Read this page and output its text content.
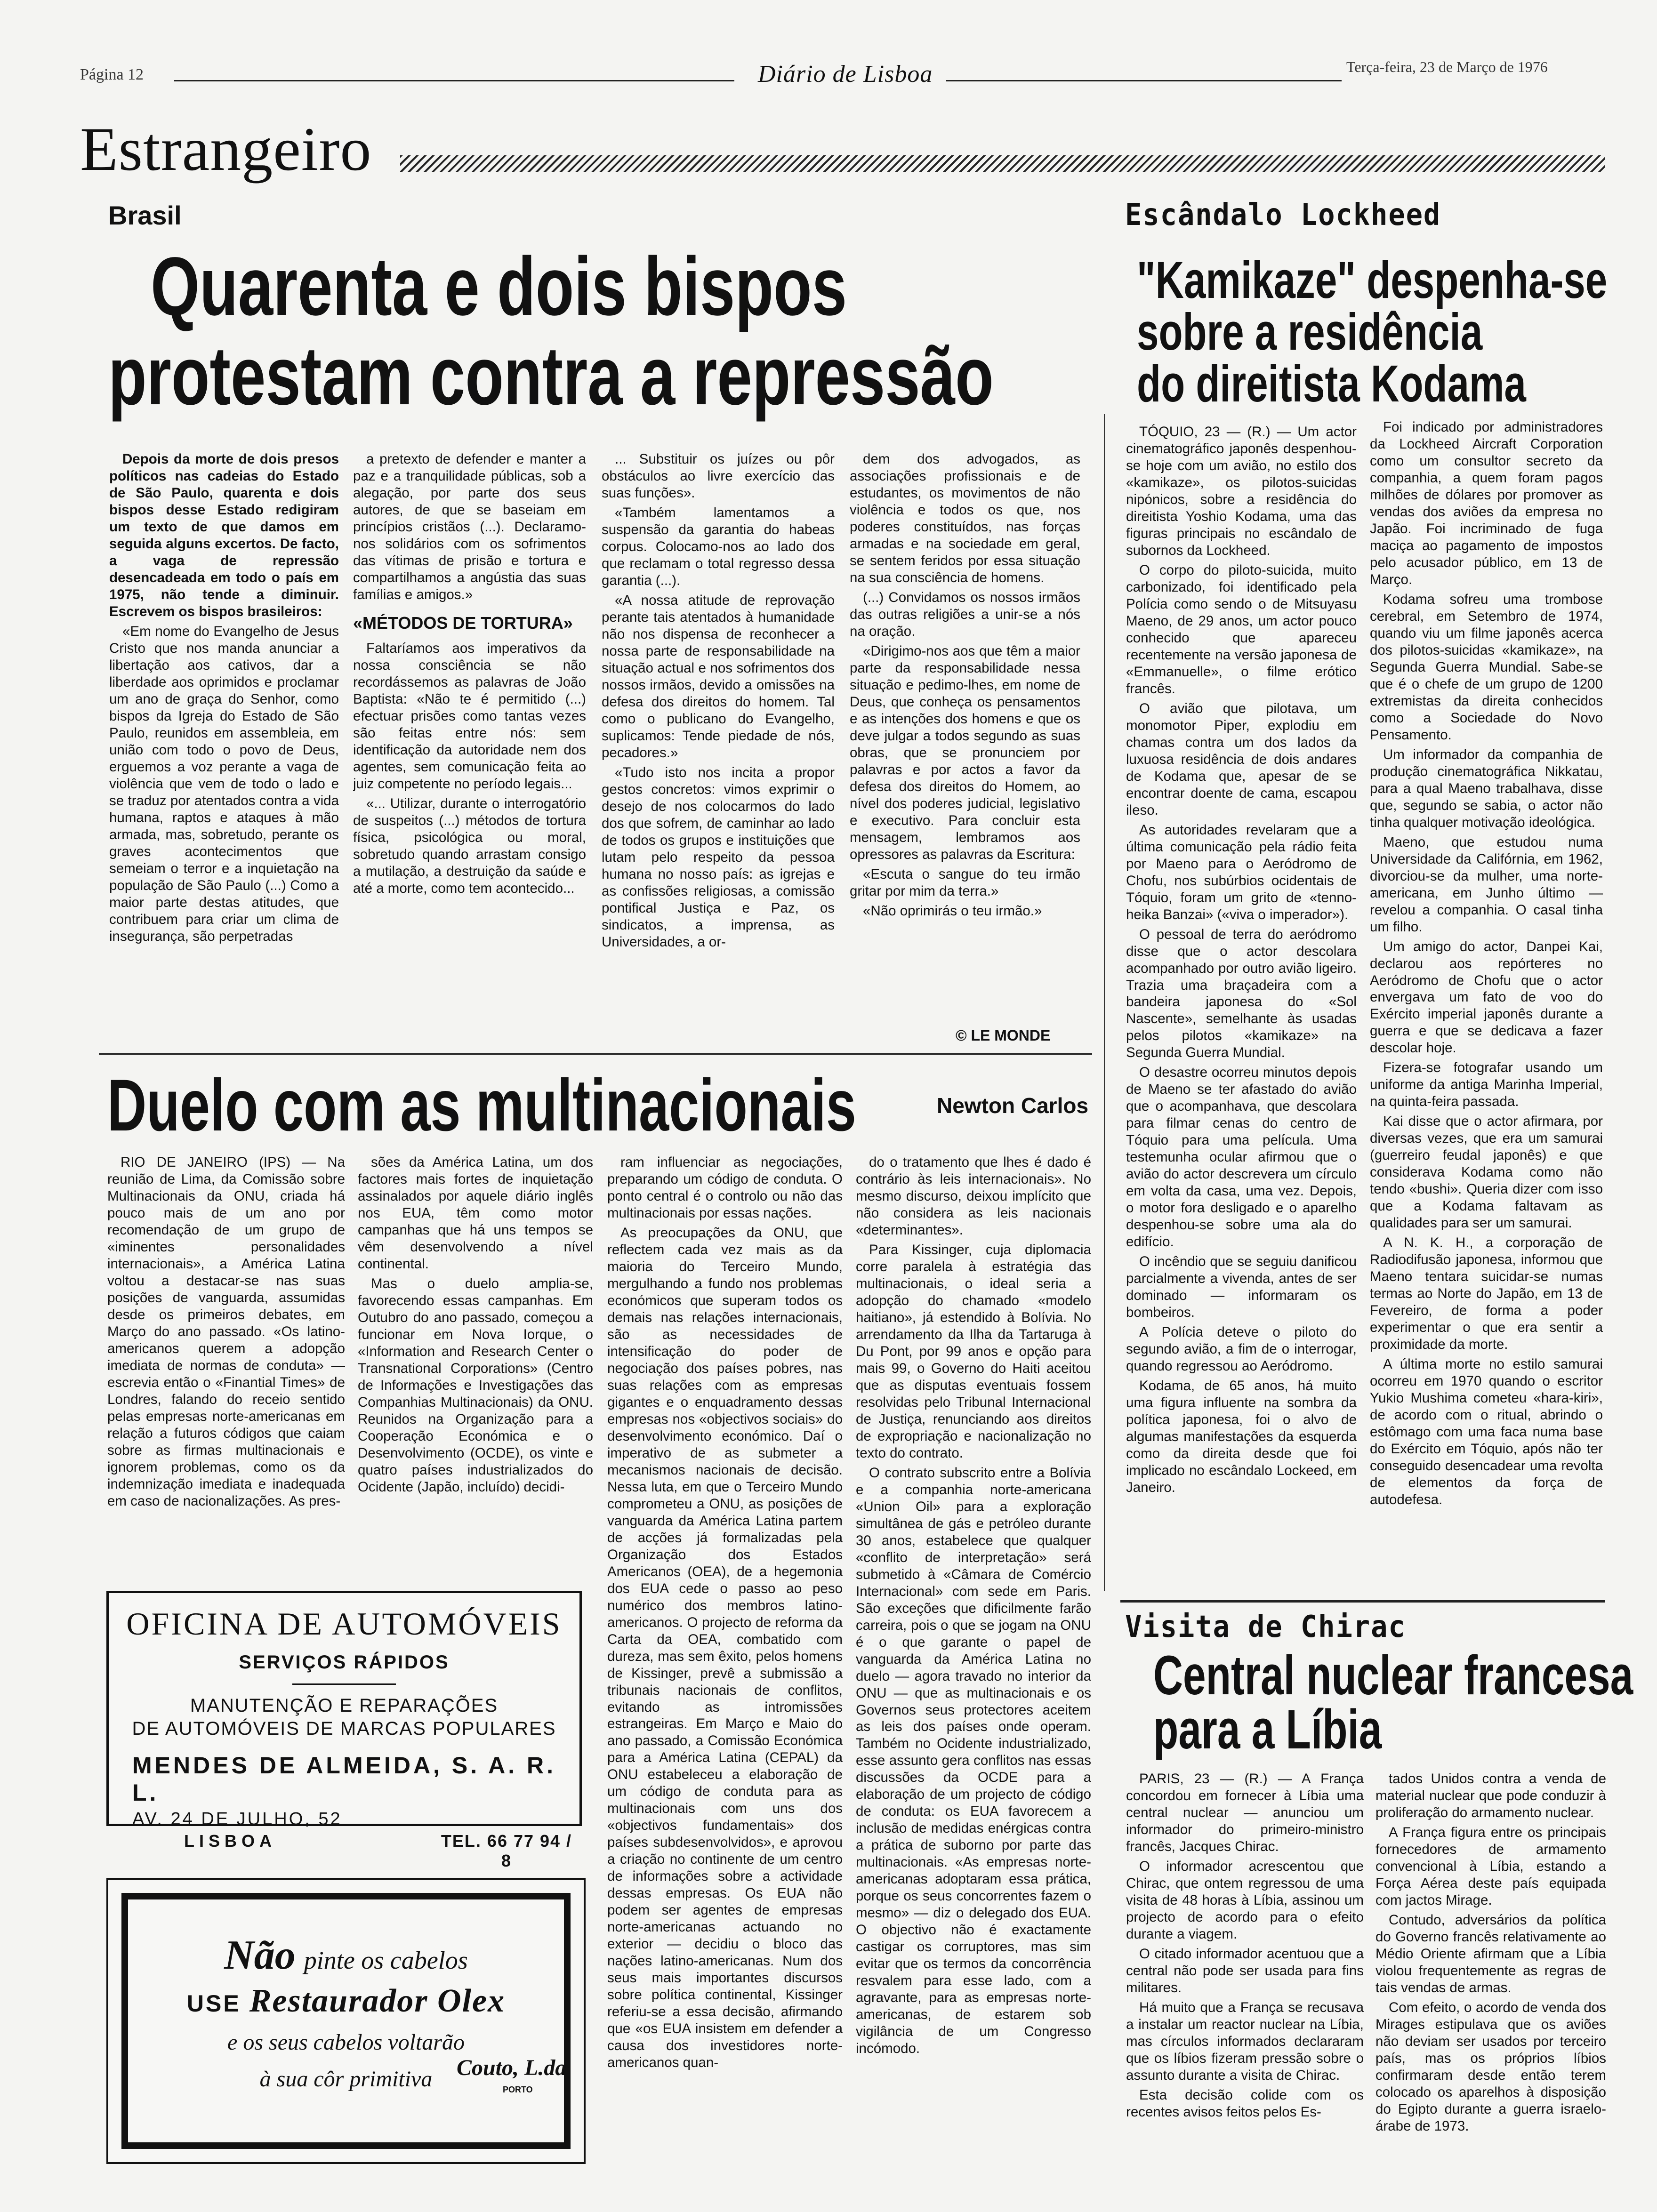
Página 12	Diário de Lisboa	Terça-feira, 23 de Março de 1976
Estrangeiro
Brasil
Quarenta e dois bispos
protestam contra a repressão

Depois da morte de dois presos políticos nas cadeias do Estado de São Paulo, quarenta e dois bispos desse Estado redigiram um texto de que damos em seguida alguns excertos. De facto, a vaga de repressão desencadeada em todo o país em 1975, não tende a diminuir. Escrevem os bispos brasileiros:

«Em nome do Evangelho de Jesus Cristo que nos manda anunciar a libertação aos cativos, dar a liberdade aos oprimidos e proclamar um ano de graça do Senhor, como bispos da Igreja do Estado de São Paulo, reunidos em assembleia, em união com todo o povo de Deus, erguemos a voz perante a vaga de violência que vem de todo o lado e se traduz por atentados contra a vida humana, raptos e ataques à mão armada, mas, sobretudo, perante os graves acontecimentos que semeiam o terror e a inquietação na população de São Paulo (...) Como a maior parte destas atitudes, que contribuem para criar um clima de insegurança, são perpetradas

a pretexto de defender e manter a paz e a tranquilidade públicas, sob a alegação, por parte dos seus autores, de que se baseiam em princípios cristãos (...). Declaramo-nos solidários com os sofrimentos das vítimas de prisão e tortura e compartilhamos a angústia das suas famílias e amigos.»

«MÉTODOS DE TORTURA»

Faltaríamos aos imperativos da nossa consciência se não recordássemos as palavras de João Baptista: «Não te é permitido (...) efectuar prisões como tantas vezes são feitas entre nós: sem identificação da autoridade nem dos agentes, sem comunicação feita ao juiz competente no período legais...

«... Utilizar, durante o interrogatório de suspeitos (...) métodos de tortura física, psicológica ou moral, sobretudo quando arrastam consigo a mutilação, a destruição da saúde e até a morte, como tem acontecido...

... Substituir os juízes ou pôr obstáculos ao livre exercício das suas funções».

«Também lamentamos a suspensão da garantia do habeas corpus. Colocamo-nos ao lado dos que reclamam o total regresso dessa garantia (...).

«A nossa atitude de reprovação perante tais atentados à humanidade não nos dispensa de reconhecer a nossa parte de responsabilidade na situação actual e nos sofrimentos dos nossos irmãos, devido a omissões na defesa dos direitos do homem. Tal como o publicano do Evangelho, suplicamos: Tende piedade de nós, pecadores.»

«Tudo isto nos incita a propor gestos concretos: vimos exprimir o desejo de nos colocarmos do lado dos que sofrem, de caminhar ao lado de todos os grupos e instituições que lutam pelo respeito da pessoa humana no nosso país: as igrejas e as confissões religiosas, a comissão pontifical Justiça e Paz, os sindicatos, a imprensa, as Universidades, a or-

dem dos advogados, as associações profissionais e de estudantes, os movimentos de não violência e todos os que, nos poderes constituídos, nas forças armadas e na sociedade em geral, se sentem feridos por essa situação na sua consciência de homens.

(...) Convidamos os nossos irmãos das outras religiões a unir-se a nós na oração.

«Dirigimo-nos aos que têm a maior parte da responsabilidade nessa situação e pedimo-lhes, em nome de Deus, que conheça os pensamentos e as intenções dos homens e que os deve julgar a todos segundo as suas obras, que se pronunciem por palavras e por actos a favor da defesa dos direitos do Homem, ao nível dos poderes judicial, legislativo e executivo. Para concluir esta mensagem, lembramos aos opressores as palavras da Escritura:

«Escuta o sangue do teu irmão gritar por mim da terra.»

«Não oprimirás o teu irmão.»

© LE MONDE
Duelo com as multinacionais	Newton Carlos

RIO DE JANEIRO (IPS) — Na reunião de Lima, da Comissão sobre Multinacionais da ONU, criada há pouco mais de um ano por recomendação de um grupo de «iminentes personalidades internacionais», a América Latina voltou a destacar-se nas suas posições de vanguarda, assumidas desde os primeiros debates, em Março do ano passado. «Os latino-americanos querem a adopção imediata de normas de conduta» — escrevia então o «Finantial Times» de Londres, falando do receio sentido pelas empresas norte-americanas em relação a futuros códigos que caiam sobre as firmas multinacionais e ignorem problemas, como os da indemnização imediata e inadequada em caso de nacionalizações. As pres-

sões da América Latina, um dos factores mais fortes de inquietação assinalados por aquele diário inglês nos EUA, têm como motor campanhas que há uns tempos se vêm desenvolvendo a nível continental.

Mas o duelo amplia-se, favorecendo essas campanhas. Em Outubro do ano passado, começou a funcionar em Nova Iorque, o «Information and Research Center o Transnational Corporations» (Centro de Informações e Investigações das Companhias Multinacionais) da ONU. Reunidos na Organização para a Cooperação Económica e o Desenvolvimento (OCDE), os vinte e quatro países industrializados do Ocidente (Japão, incluído) decidi-

ram influenciar as negociações, preparando um código de conduta. O ponto central é o controlo ou não das multinacionais por essas nações.

As preocupações da ONU, que reflectem cada vez mais as da maioria do Terceiro Mundo, mergulhando a fundo nos problemas económicos que superam todos os demais nas relações internacionais, são as necessidades de intensificação do poder de negociação dos países pobres, nas suas relações com as empresas gigantes e o enquadramento dessas empresas nos «objectivos sociais» do desenvolvimento económico. Daí o imperativo de as submeter a mecanismos nacionais de decisão. Nessa luta, em que o Terceiro Mundo comprometeu a ONU, as posições de vanguarda da América Latina partem de acções já formalizadas pela Organização dos Estados Americanos (OEA), de a hegemonia dos EUA cede o passo ao peso numérico dos membros latino-americanos. O projecto de reforma da Carta da OEA, combatido com dureza, mas sem êxito, pelos homens de Kissinger, prevê a submissão a tribunais nacionais de conflitos, evitando as intromissões estrangeiras. Em Março e Maio do ano passado, a Comissão Económica para a América Latina (CEPAL) da ONU estabeleceu a elaboração de um código de conduta para as multinacionais com uns dos «objectivos fundamentais» dos países subdesenvolvidos», e aprovou a criação no continente de um centro de informações sobre a actividade dessas empresas. Os EUA não podem ser agentes de empresas norte-americanas actuando no exterior — decidiu o bloco das nações latino-americanas. Num dos seus mais importantes discursos sobre política continental, Kissinger referiu-se a essa decisão, afirmando que «os EUA insistem em defender a causa dos investidores norte-americanos quan-

do o tratamento que lhes é dado é contrário às leis internacionais». No mesmo discurso, deixou implícito que não considera as leis nacionais «determinantes».

Para Kissinger, cuja diplomacia corre paralela à estratégia das multinacionais, o ideal seria a adopção do chamado «modelo haitiano», já estendido à Bolívia. No arrendamento da Ilha da Tartaruga à Du Pont, por 99 anos e opção para mais 99, o Governo do Haiti aceitou que as disputas eventuais fossem resolvidas pelo Tribunal Internacional de Justiça, renunciando aos direitos de expropriação e nacionalização no texto do contrato.

O contrato subscrito entre a Bolívia e a companhia norte-americana «Union Oil» para a exploração simultânea de gás e petróleo durante 30 anos, estabelece que qualquer «conflito de interpretação» será submetido à «Câmara de Comércio Internacional» com sede em Paris. São exceções que dificilmente farão carreira, pois o que se jogam na ONU é o que garante o papel de vanguarda da América Latina no duelo — agora travado no interior da ONU — que as multinacionais e os Governos seus protectores aceitem as leis dos países onde operam. Também no Ocidente industrializado, esse assunto gera conflitos nas essas discussões da OCDE para a elaboração de um projecto de código de conduta: os EUA favorecem a inclusão de medidas enérgicas contra a prática de suborno por parte das multinacionais. «As empresas norte-americanas adoptaram essa prática, porque os seus concorrentes fazem o mesmo» — diz o delegado dos EUA. O objectivo não é exactamente castigar os corruptores, mas sim evitar que os termos da concorrência resvalem para esse lado, com a agravante, para as empresas norte-americanas, de estarem sob vigilância de um Congresso incómodo.

OFICINA DE AUTOMÓVEIS
SERVIÇOS RÁPIDOS
MANUTENÇÃO E REPARAÇÕES
DE AUTOMÓVEIS DE MARCAS POPULARES
MENDES DE ALMEIDA, S. A. R. L.
AV. 24 DE JULHO, 52
LISBOA	TEL. 66 77 94 / 8
Não pinte os cabelos
USE Restaurador Olex
e os seus cabelos voltarão
à sua côr primitiva	Couto, L.da
PORTO
Escândalo Lockheed
"Kamikaze" despenha-se
sobre a residência
do direitista Kodama

TÓQUIO, 23 — (R.) — Um actor cinematográfico japonês despenhou-se hoje com um avião, no estilo dos «kamikaze», os pilotos-suicidas nipónicos, sobre a residência do direitista Yoshio Kodama, uma das figuras principais no escândalo de subornos da Lockheed.

O corpo do piloto-suicida, muito carbonizado, foi identificado pela Polícia como sendo o de Mitsuyasu Maeno, de 29 anos, um actor pouco conhecido que apareceu recentemente na versão japonesa de «Emmanuelle», o filme erótico francês.

O avião que pilotava, um monomotor Piper, explodiu em chamas contra um dos lados da luxuosa residência de dois andares de Kodama que, apesar de se encontrar doente de cama, escapou ileso.

As autoridades revelaram que a última comunicação pela rádio feita por Maeno para o Aeródromo de Chofu, nos subúrbios ocidentais de Tóquio, foram um grito de «tenno-heika Banzai» («viva o imperador»).

O pessoal de terra do aeródromo disse que o actor descolara acompanhado por outro avião ligeiro. Trazia uma braçadeira com a bandeira japonesa do «Sol Nascente», semelhante às usadas pelos pilotos «kamikaze» na Segunda Guerra Mundial.

O desastre ocorreu minutos depois de Maeno se ter afastado do avião que o acompanhava, que descolara para filmar cenas do centro de Tóquio para uma película. Uma testemunha ocular afirmou que o avião do actor descrevera um círculo em volta da casa, uma vez. Depois, o motor fora desligado e o aparelho despenhou-se sobre uma ala do edifício.

O incêndio que se seguiu danificou parcialmente a vivenda, antes de ser dominado — informaram os bombeiros.

A Polícia deteve o piloto do segundo avião, a fim de o interrogar, quando regressou ao Aeródromo.

Kodama, de 65 anos, há muito uma figura influente na sombra da política japonesa, foi o alvo de algumas manifestações da esquerda como da direita desde que foi implicado no escândalo Lockeed, em Janeiro.

Foi indicado por administradores da Lockheed Aircraft Corporation como um consultor secreto da companhia, a quem foram pagos milhões de dólares por promover as vendas dos aviões da empresa no Japão. Foi incriminado de fuga maciça ao pagamento de impostos pelo acusador público, em 13 de Março.

Kodama sofreu uma trombose cerebral, em Setembro de 1974, quando viu um filme japonês acerca dos pilotos-suicidas «kamikaze», na Segunda Guerra Mundial. Sabe-se que é o chefe de um grupo de 1200 extremistas da direita conhecidos como a Sociedade do Novo Pensamento.

Um informador da companhia de produção cinematográfica Nikkatau, para a qual Maeno trabalhava, disse que, segundo se sabia, o actor não tinha qualquer motivação ideológica.

Maeno, que estudou numa Universidade da Califórnia, em 1962, divorciou-se da mulher, uma norte-americana, em Junho último — revelou a companhia. O casal tinha um filho.

Um amigo do actor, Danpei Kai, declarou aos repórteres no Aeródromo de Chofu que o actor envergava um fato de voo do Exército imperial japonês durante a guerra e que se dedicava a fazer descolar hoje.

Fizera-se fotografar usando um uniforme da antiga Marinha Imperial, na quinta-feira passada.

Kai disse que o actor afirmara, por diversas vezes, que era um samurai (guerreiro feudal japonês) e que considerava Kodama como não tendo «bushi». Queria dizer com isso que a Kodama faltavam as qualidades para ser um samurai.

A N. K. H., a corporação de Radiodifusão japonesa, informou que Maeno tentara suicidar-se numas termas ao Norte do Japão, em 13 de Fevereiro, de forma a poder experimentar o que era sentir a proximidade da morte.

A última morte no estilo samurai ocorreu em 1970 quando o escritor Yukio Mushima cometeu «hara-kiri», de acordo com o ritual, abrindo o estômago com uma faca numa base do Exército em Tóquio, após não ter conseguido desencadear uma revolta de elementos da força de autodefesa.

Visita de Chirac
Central nuclear francesa
para a Líbia

PARIS, 23 — (R.) — A França concordou em fornecer à Líbia uma central nuclear — anunciou um informador do primeiro-ministro francês, Jacques Chirac.

O informador acrescentou que Chirac, que ontem regressou de uma visita de 48 horas à Líbia, assinou um projecto de acordo para o efeito durante a viagem.

O citado informador acentuou que a central não pode ser usada para fins militares.

Há muito que a França se recusava a instalar um reactor nuclear na Líbia, mas círculos informados declararam que os líbios fizeram pressão sobre o assunto durante a visita de Chirac.

Esta decisão colide com os recentes avisos feitos pelos Es-

tados Unidos contra a venda de material nuclear que pode conduzir à proliferação do armamento nuclear.

A França figura entre os principais fornecedores de armamento convencional à Líbia, estando a Força Aérea deste país equipada com jactos Mirage.

Contudo, adversários da política do Governo francês relativamente ao Médio Oriente afirmam que a Líbia violou frequentemente as regras de tais vendas de armas.

Com efeito, o acordo de venda dos Mirages estipulava que os aviões não deviam ser usados por terceiro país, mas os próprios líbios confirmaram desde então terem colocado os aparelhos à disposição do Egipto durante a guerra israelo-árabe de 1973.
